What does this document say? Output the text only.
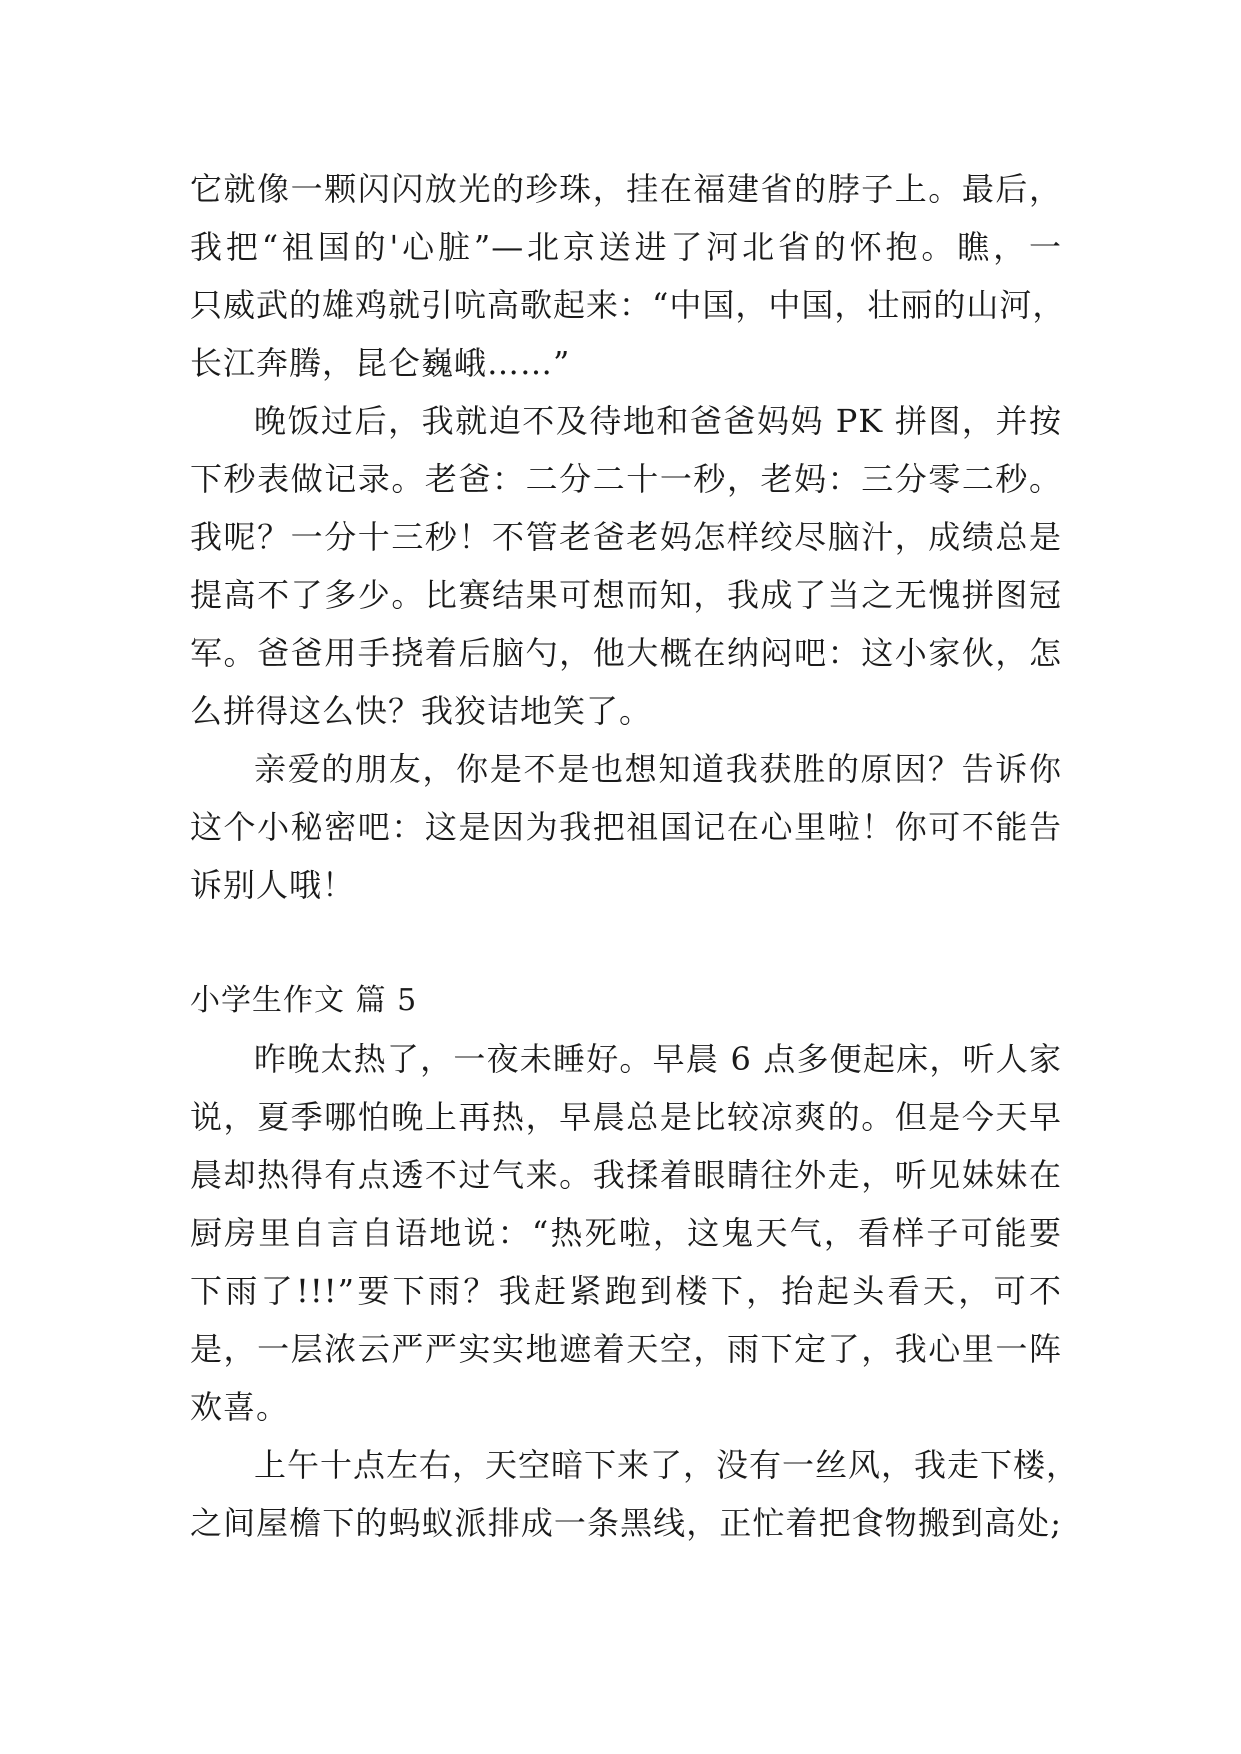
它就像一颗闪闪放光的珍珠，挂在福建省的脖子上。最后，
我把“祖国的'心脏”—北京送进了河北省的怀抱。瞧，一
只威武的雄鸡就引吭高歌起来：“中国，中国，壮丽的山河，
长江奔腾，昆仑巍峨……”
晚饭过后，我就迫不及待地和爸爸妈妈 PK 拼图，并按
下秒表做记录。老爸：二分二十一秒，老妈：三分零二秒。
我呢？一分十三秒！不管老爸老妈怎样绞尽脑汁，成绩总是
提高不了多少。比赛结果可想而知，我成了当之无愧拼图冠
军。爸爸用手挠着后脑勺，他大概在纳闷吧：这小家伙，怎
么拼得这么快？我狡诘地笑了。
亲爱的朋友，你是不是也想知道我获胜的原因？告诉你
这个小秘密吧：这是因为我把祖国记在心里啦！你可不能告
诉别人哦！
小学生作文 篇 5
昨晚太热了，一夜未睡好。早晨 6 点多便起床，听人家
说，夏季哪怕晚上再热，早晨总是比较凉爽的。但是今天早
晨却热得有点透不过气来。我揉着眼睛往外走，听见妹妹在
厨房里自言自语地说：“热死啦，这鬼天气，看样子可能要
下雨了!!!”要下雨？我赶紧跑到楼下，抬起头看天，可不
是，一层浓云严严实实地遮着天空，雨下定了，我心里一阵
欢喜。
上午十点左右，天空暗下来了，没有一丝风，我走下楼，
之间屋檐下的蚂蚁派排成一条黑线，正忙着把食物搬到高处;
